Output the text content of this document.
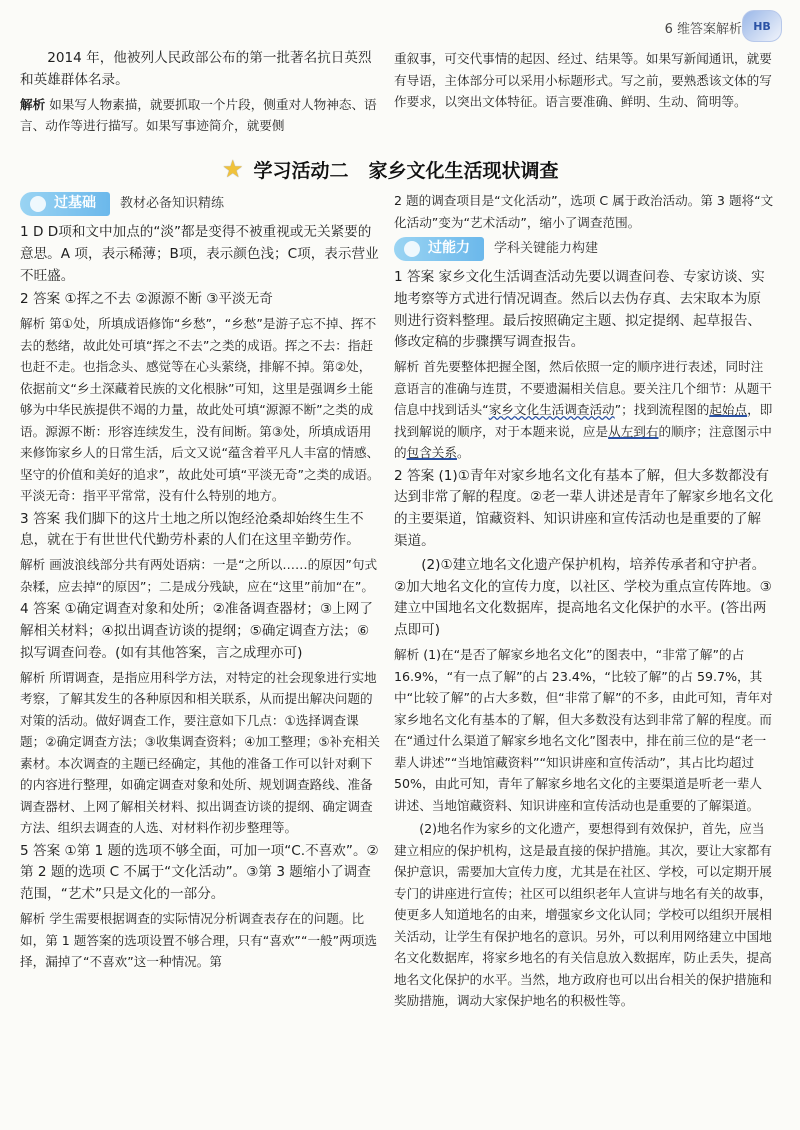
6 维答案解析	HB

2014 年，他被列人民政部公布的第一批著名抗日英烈和英雄群体名录。

解析 如果写人物素描，就要抓取一个片段，侧重对人物神态、语言、动作等进行描写。如果写事迹简介，就要侧

重叙事，可交代事情的起因、经过、结果等。如果写新闻通讯，就要有导语，主体部分可以采用小标题形式。写之前，要熟悉该文体的写作要求，以突出文体特征。语言要准确、鲜明、生动、简明等。

★ 学习活动二 家乡文化生活现状调查
过基础 教材必备知识精练

1 D D项和文中加点的“淡”都是变得不被重视或无关紧要的意思。A 项，表示稀薄；B项，表示颜色浅；C项，表示营业不旺盛。

2 答案 ①挥之不去 ②源源不断 ③平淡无奇

解析 第①处，所填成语修饰“乡愁”，“乡愁”是游子忘不掉、挥不去的愁绪，故此处可填“挥之不去”之类的成语。挥之不去：指赶也赶不走。也指念头、感觉等在心头萦绕，排解不掉。第②处，依据前文“乡土深藏着民族的文化根脉”可知，这里是强调乡土能够为中华民族提供不竭的力量，故此处可填“源源不断”之类的成语。源源不断：形容连续发生，没有间断。第③处，所填成语用来修饰家乡人的日常生活，后文又说“蕴含着平凡人丰富的情感、坚守的价值和美好的追求”，故此处可填“平淡无奇”之类的成语。平淡无奇：指平平常常，没有什么特别的地方。

3 答案 我们脚下的这片土地之所以饱经沧桑却始终生生不息，就在于有世世代代勤劳朴素的人们在这里辛勤劳作。

解析 画波浪线部分共有两处语病：一是“之所以……的原因”句式杂糅，应去掉“的原因”；二是成分残缺，应在“这里”前加“在”。

4 答案 ①确定调查对象和处所；②准备调查器材；③上网了解相关材料；④拟出调查访谈的提纲；⑤确定调查方法；⑥拟写调查问卷。(如有其他答案，言之成理亦可)

解析 所谓调查，是指应用科学方法，对特定的社会现象进行实地考察，了解其发生的各种原因和相关联系，从而提出解决问题的对策的活动。做好调查工作，要注意如下几点：①选择调查课题；②确定调查方法；③收集调查资料；④加工整理；⑤补充相关素材。本次调查的主题已经确定，其他的准备工作可以针对剩下的内容进行整理，如确定调查对象和处所、规划调查路线、准备调查器材、上网了解相关材料、拟出调查访谈的提纲、确定调查方法、组织去调查的人选、对材料作初步整理等。

5 答案 ①第 1 题的选项不够全面，可加一项“C.不喜欢”。②第 2 题的选项 C 不属于“文化活动”。③第 3 题缩小了调查范围，“艺术”只是文化的一部分。

解析 学生需要根据调查的实际情况分析调查表存在的问题。比如，第 1 题答案的选项设置不够合理，只有“喜欢”“一般”两项选择，漏掉了“不喜欢”这一种情况。第

2 题的调查项目是“文化活动”，选项 C 属于政治活动。第 3 题将“文化活动”变为“艺术活动”，缩小了调查范围。

过能力 学科关键能力构建

1 答案 家乡文化生活调查活动先要以调查问卷、专家访谈、实地考察等方式进行情况调查。然后以去伪存真、去宋取本为原则进行资料整理。最后按照确定主题、拟定提纲、起草报告、修改定稿的步骤撰写调查报告。

解析 首先要整体把握全图，然后依照一定的顺序进行表述，同时注意语言的准确与连贯，不要遗漏相关信息。要关注几个细节：从题干信息中找到话头“家乡文化生活调查活动”；找到流程图的起始点，即找到解说的顺序，对于本题来说，应是从左到右的顺序；注意图示中的包含关系。

2 答案 (1)①青年对家乡地名文化有基本了解，但大多数都没有达到非常了解的程度。②老一辈人讲述是青年了解家乡地名文化的主要渠道，馆藏资料、知识讲座和宣传活动也是重要的了解渠道。

(2)①建立地名文化遗产保护机构，培养传承者和守护者。②加大地名文化的宣传力度，以社区、学校为重点宣传阵地。③建立中国地名文化数据库，提高地名文化保护的水平。(答出两点即可)

解析 (1)在“是否了解家乡地名文化”的图表中，“非常了解”的占 16.9%，“有一点了解”的占 23.4%，“比较了解”的占 59.7%，其中“比较了解”的占大多数，但“非常了解”的不多，由此可知，青年对家乡地名文化有基本的了解，但大多数没有达到非常了解的程度。而在“通过什么渠道了解家乡地名文化”图表中，排在前三位的是“老一辈人讲述”“当地馆藏资料”“知识讲座和宣传活动”，其占比均超过 50%，由此可知，青年了解家乡地名文化的主要渠道是听老一辈人讲述、当地馆藏资料、知识讲座和宣传活动也是重要的了解渠道。

(2)地名作为家乡的文化遗产，要想得到有效保护，首先，应当建立相应的保护机构，这是最直接的保护措施。其次，要让大家都有保护意识，需要加大宣传力度，尤其是在社区、学校，可以定期开展专门的讲座进行宣传；社区可以组织老年人宣讲与地名有关的故事，使更多人知道地名的由来，增强家乡文化认同；学校可以组织开展相关活动，让学生有保护地名的意识。另外，可以利用网络建立中国地名文化数据库，将家乡地名的有关信息放入数据库，防止丢失，提高地名文化保护的水平。当然，地方政府也可以出台相关的保护措施和奖励措施，调动大家保护地名的积极性等。
